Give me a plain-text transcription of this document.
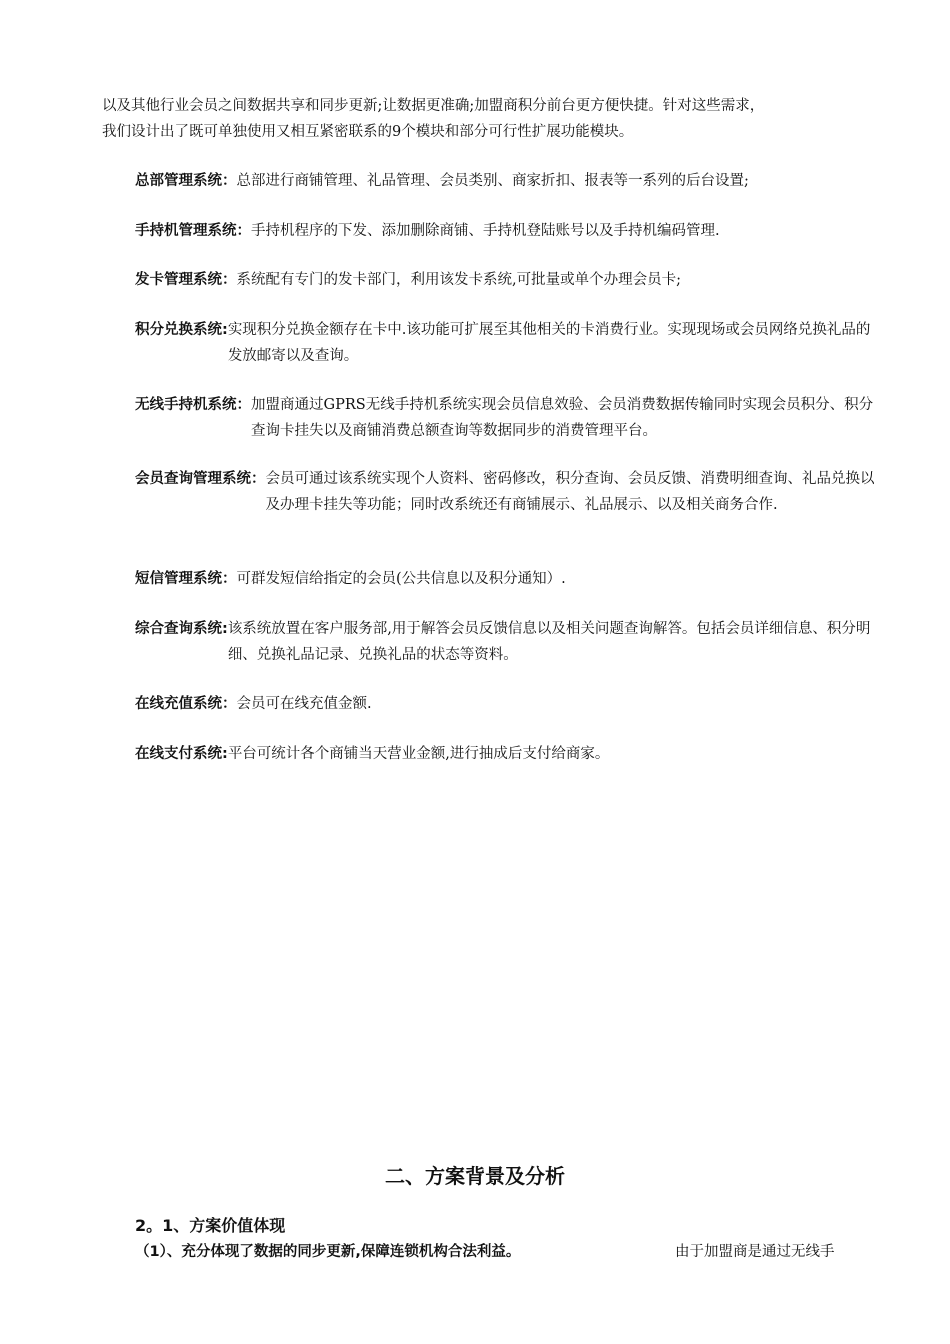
以及其他行业会员之间数据共享和同步更新;让数据更准确;加盟商积分前台更方便快捷。针对这些需求，
我们设计出了既可单独使用又相互紧密联系的9个模块和部分可行性扩展功能模块。

总部管理系统： 总部进行商铺管理、礼品管理、会员类别、商家折扣、报表等一系列的后台设置;
手持机管理系统： 手持机程序的下发、添加删除商铺、手持机登陆账号以及手持机编码管理.
发卡管理系统： 系统配有专门的发卡部门，利用该发卡系统,可批量或单个办理会员卡;
积分兑换系统: 实现积分兑换金额存在卡中.该功能可扩展至其他相关的卡消费行业。实现现场或会员网络兑换礼品的发放邮寄以及查询。
无线手持机系统： 加盟商通过GPRS无线手持机系统实现会员信息效验、会员消费数据传输同时实现会员积分、积分查询卡挂失以及商铺消费总额查询等数据同步的消费管理平台。
会员查询管理系统： 会员可通过该系统实现个人资料、密码修改，积分查询、会员反馈、消费明细查询、礼品兑换以及办理卡挂失等功能；同时改系统还有商铺展示、礼品展示、以及相关商务合作.
短信管理系统： 可群发短信给指定的会员(公共信息以及积分通知）.
综合查询系统: 该系统放置在客户服务部,用于解答会员反馈信息以及相关问题查询解答。包括会员详细信息、积分明细、兑换礼品记录、兑换礼品的状态等资料。
在线充值系统： 会员可在线充值金额.
在线支付系统: 平台可统计各个商铺当天营业金额,进行抽成后支付给商家。
二、方案背景及分析
2。1、方案价值体现
（1）、充分体现了数据的同步更新,保障连锁机构合法利益。	由于加盟商是通过无线手
